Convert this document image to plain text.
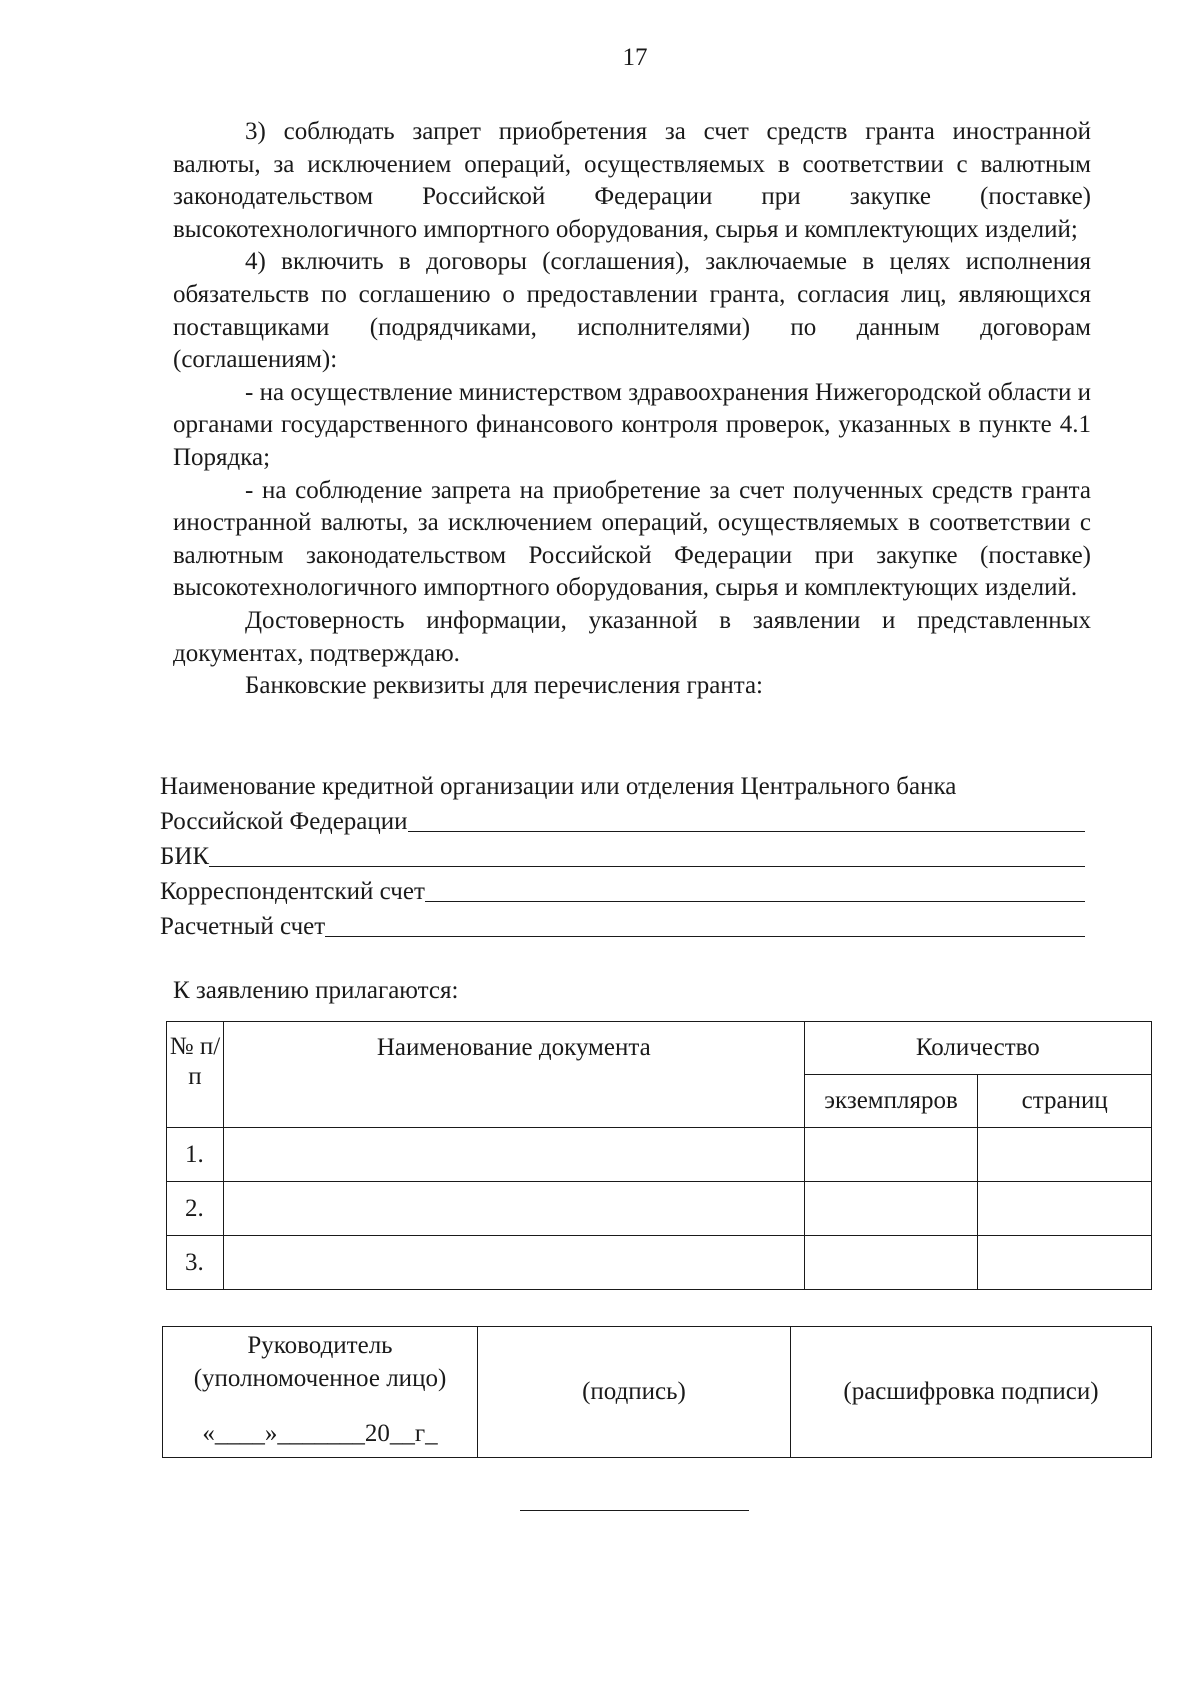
17

3) соблюдать запрет приобретения за счет средств гранта иностранной валюты, за исключением операций, осуществляемых в соответствии с валютным законодательством Российской Федерации при закупке (поставке) высокотехнологичного импортного оборудования, сырья и комплектующих изделий;

4) включить в договоры (соглашения), заключаемые в целях исполнения обязательств по соглашению о предоставлении гранта, согласия лиц, являющихся поставщиками (подрядчиками, исполнителями) по данным договорам (соглашениям):

- на осуществление министерством здравоохранения Нижегородской области и органами государственного финансового контроля проверок, указанных в пункте 4.1 Порядка;

- на соблюдение запрета на приобретение за счет полученных средств гранта иностранной валюты, за исключением операций, осуществляемых в соответствии с валютным законодательством Российской Федерации при закупке (поставке) высокотехнологичного импортного оборудования, сырья и комплектующих изделий.

Достоверность информации, указанной в заявлении и представленных документах, подтверждаю.

Банковские реквизиты для перечисления гранта:

Наименование кредитной организации или отделения Центрального банка

Российской Федерации
БИК
Корреспондентский счет
Расчетный счет
К заявлению прилагаются:
№ п/п	Наименование документа	Количество	
		экземпляров	страниц
1.			
2.			
3.			
Руководитель
(уполномоченное лицо)
«____»_______20__г_
	(подпись)	(расшифровка подписи)
